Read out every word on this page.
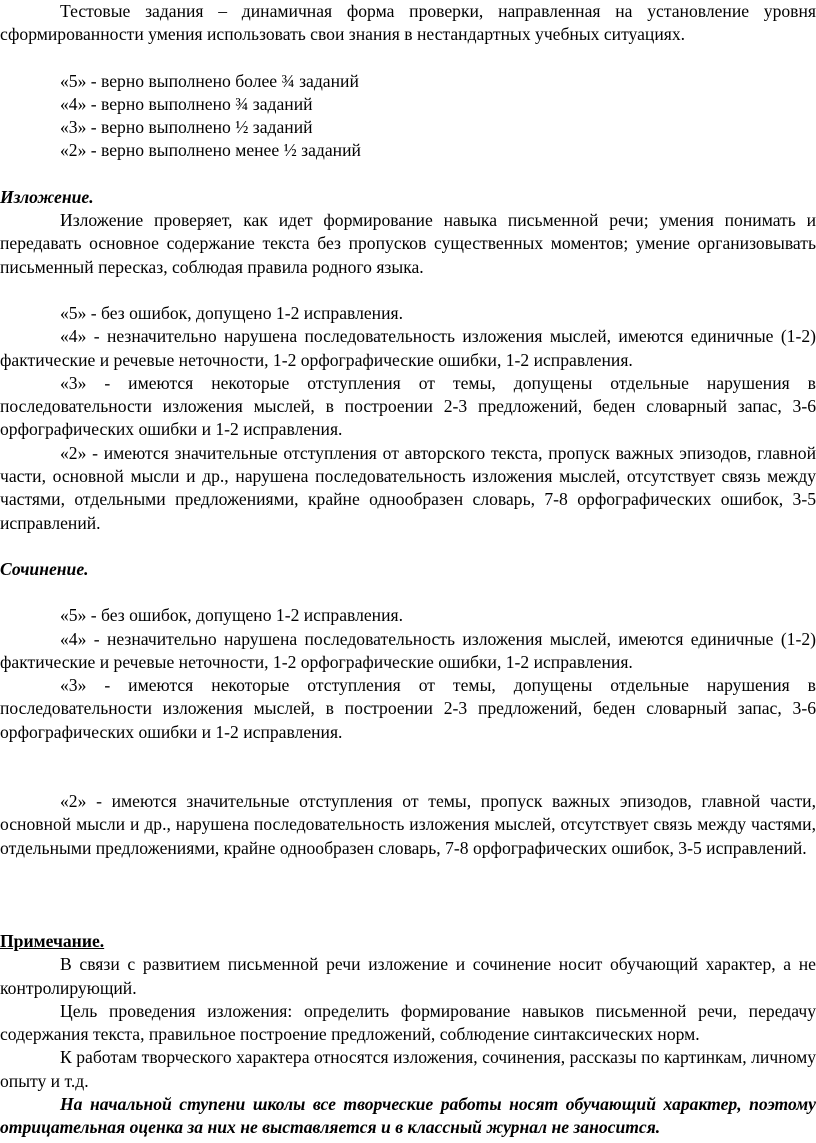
Тестовые задания – динамичная форма проверки, направленная на установление уровня сформированности умения использовать свои знания в нестандартных учебных ситуациях.

«5» - верно выполнено более ¾ заданий

«4» - верно выполнено ¾ заданий

«3» - верно выполнено ½ заданий

«2» - верно выполнено менее ½ заданий

Изложение.

Изложение проверяет, как идет формирование навыка письменной речи; умения понимать и передавать основное содержание текста без пропусков существенных моментов; умение организовывать письменный пересказ, соблюдая правила родного языка.

«5» - без ошибок, допущено 1-2 исправления.

«4» - незначительно нарушена последовательность изложения мыслей, имеются единичные (1-2) фактические и речевые неточности, 1-2 орфографические ошибки, 1-2 исправления.

«3» - имеются некоторые отступления от темы, допущены отдельные нарушения в последовательности изложения мыслей, в построении 2-3 предложений, беден словарный запас, 3-6 орфографических ошибки и 1-2 исправления.

«2» - имеются значительные отступления от авторского текста, пропуск важных эпизодов, главной части, основной мысли и др., нарушена последовательность изложения мыслей, отсутствует связь между частями, отдельными предложениями, крайне однообразен словарь, 7-8 орфографических ошибок, 3-5 исправлений.

Сочинение.

«5» - без ошибок, допущено 1-2 исправления.

«4» - незначительно нарушена последовательность изложения мыслей, имеются единичные (1-2) фактические и речевые неточности, 1-2 орфографические ошибки, 1-2 исправления.

«3» - имеются некоторые отступления от темы, допущены отдельные нарушения в последовательности изложения мыслей, в построении 2-3 предложений, беден словарный запас, 3-6 орфографических ошибки и 1-2 исправления.

«2» - имеются значительные отступления от темы, пропуск важных эпизодов, главной части, основной мысли и др., нарушена последовательность изложения мыслей, отсутствует связь между частями, отдельными предложениями, крайне однообразен словарь, 7-8 орфографических ошибок, 3-5 исправлений.

Примечание.

В связи с развитием письменной речи изложение и сочинение носит обучающий характер, а не контролирующий.

Цель проведения изложения: определить формирование навыков письменной речи, передачу содержания текста, правильное построение предложений, соблюдение синтаксических норм.

К работам творческого характера относятся изложения, сочинения, рассказы по картинкам, личному опыту и т.д.

На начальной ступени школы все творческие работы носят обучающий характер, поэтому отрицательная оценка за них не выставляется и в классный журнал не заносится.
